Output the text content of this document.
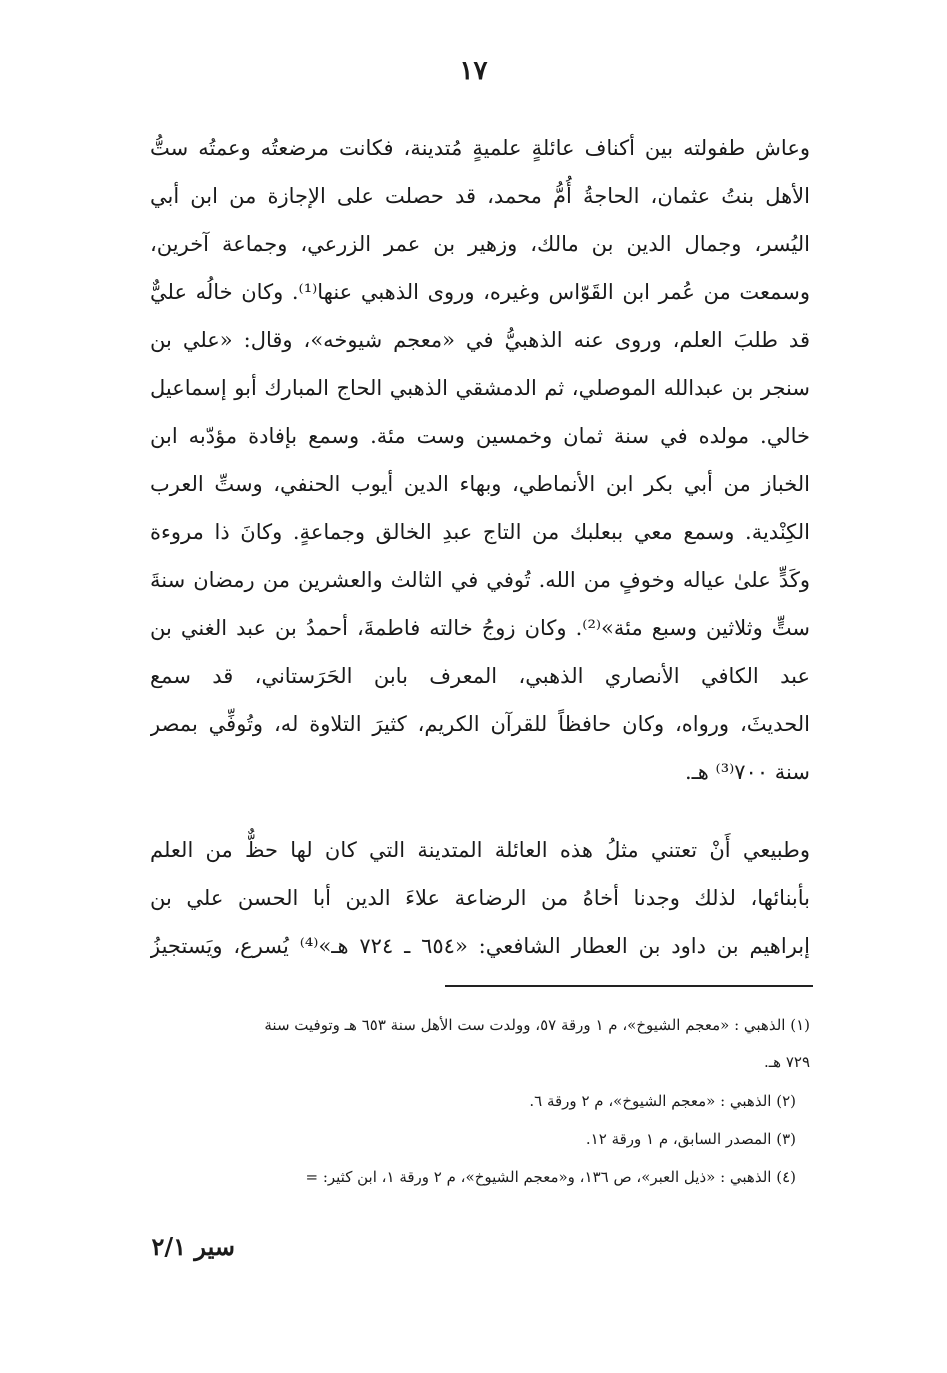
١٧
وعاش طفولته بين أكناف عائلةٍ علميةٍ مُتدينة، فكانت مرضعتُه وعمتُه ستُّ
الأهل بنتُ عثمان، الحاجةُ أُمُّ محمد، قد حصلت على الإجازة من ابن أبي
اليُسر، وجمال الدين بن مالك، وزهير بن عمر الزرعي، وجماعة آخرين،
وسمعت من عُمر ابن القَوّاس وغيره، وروى الذهبي عنها⁽¹⁾. وكان خالُه عليٌّ
قد طلبَ العلم، وروى عنه الذهبيُّ في «معجم شيوخه»، وقال: «علي بن
سنجر بن عبدالله الموصلي، ثم الدمشقي الذهبي الحاج المبارك أبو إسماعيل
خالي. مولده في سنة ثمان وخمسين وست مئة. وسمع بإفادة مؤدّبه ابن
الخباز من أبي بكر ابن الأنماطي، وبهاء الدين أيوب الحنفي، وستِّ العرب
الكِنْدية. وسمع معي ببعلبك من التاج عبدِ الخالق وجماعةٍ. وكانَ ذا مروءة
وكَدٍّ علىٰ عياله وخوفٍ من الله. تُوفي في الثالث والعشرين من رمضان سنةَ
ستٍّ وثلاثين وسبع مئة»⁽²⁾. وكان زوجُ خالته فاطمةَ، أحمدُ بن عبد الغني بن
عبد الكافي الأنصاري الذهبي، المعرف بابن الحَرَستاني، قد سمع
الحديثَ، ورواه، وكان حافظاً للقرآن الكريم، كثيرَ التلاوة له، وتُوفِّي بمصر
سنة ٧٠٠⁽³⁾ هـ.
وطبيعي أَنْ تعتني مثلُ هذه العائلة المتدينة التي كان لها حظٌّ من العلم
بأبنائها، لذلك وجدنا أخاهُ من الرضاعة علاءَ الدين أبا الحسن علي بن
إبراهيم بن داود بن العطار الشافعي: «٦٥٤ ـ ٧٢٤ هـ»⁽⁴⁾ يُسرع، ويَستجيزُ
(١) الذهبي : «معجم الشيوخ»، م ١ ورقة ٥٧، وولدت ست الأهل سنة ٦٥٣ هـ وتوفيت سنة
٧٢٩ هـ.
(٢) الذهبي : «معجم الشيوخ»، م ٢ ورقة ٦.
(٣) المصدر السابق، م ١ ورقة ١٢.
(٤) الذهبي : «ذيل العبر»، ص ١٣٦، و«معجم الشيوخ»، م ٢ ورقة ١، ابن كثير: =
سير ٢/١
